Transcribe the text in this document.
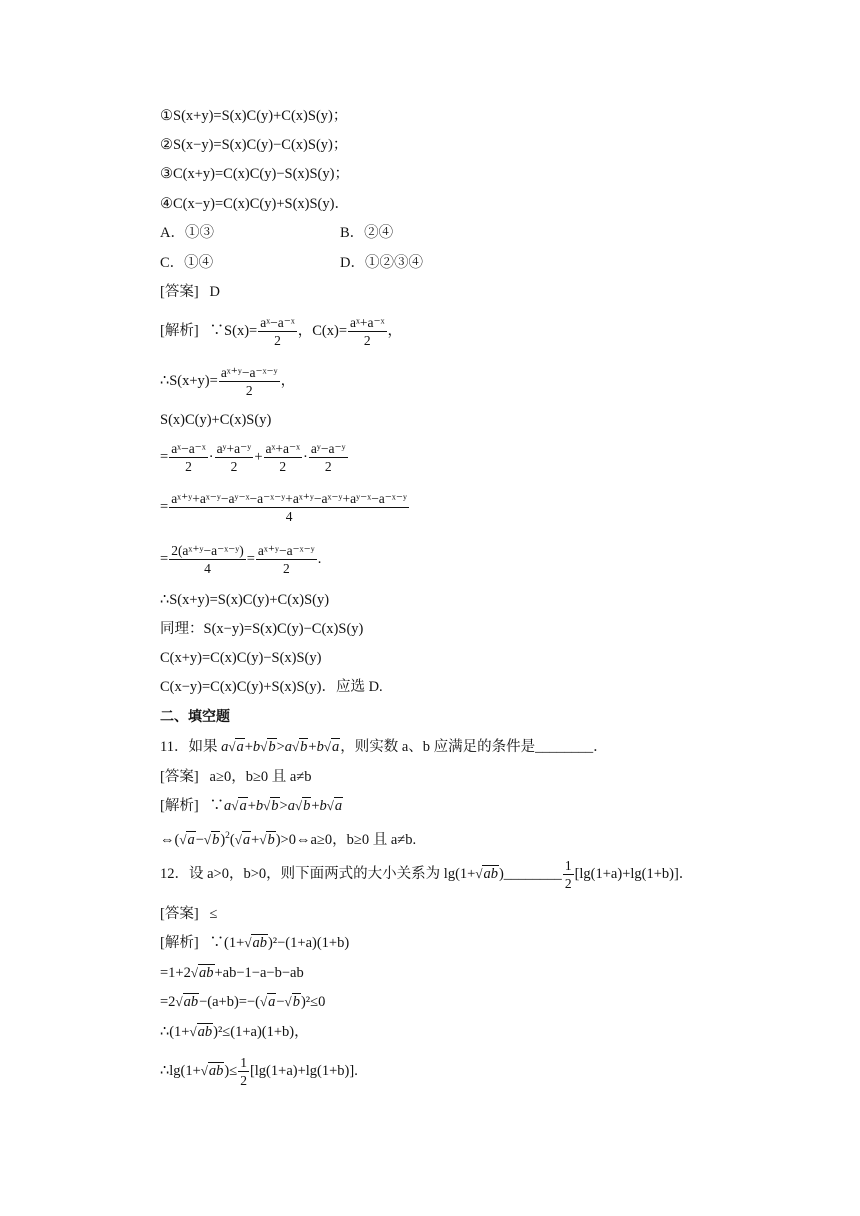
①S(x+y)=S(x)C(y)+C(x)S(y)；
②S(x−y)=S(x)C(y)−C(x)S(y)；
③C(x+y)=C(x)C(y)−S(x)S(y)；
④C(x−y)=C(x)C(y)+S(x)S(y)．
A．①③	B．②④
C．①④	D．①②③④
[答案] D
[解析] ∵S(x)= $\frac{\text{aˣ−a⁻ˣ}}{2}$ ，$C(x)= \frac{\text{aˣ+a⁻ˣ}}{2}$ ，
∴S(x+y)= $\frac{\text{aˣ⁺ʸ−a⁻ˣ⁻ʸ}}{2}$ ，
S(x)C(y)+C(x)S(y)
= $\frac{\text{aˣ−a⁻ˣ}}{2} \cdot \frac{\text{aʸ+a⁻ʸ}}{2} + \frac{\text{aˣ+a⁻ˣ}}{2} \cdot \frac{\text{aʸ−a⁻ʸ}}{2}$
= $\frac{\text{aˣ⁺ʸ+aˣ⁻ʸ−aʸ⁻ˣ−a⁻ˣ⁻ʸ+aˣ⁺ʸ−aˣ⁻ʸ+aʸ⁻ˣ−a⁻ˣ⁻ʸ}}{4}$
= $\frac{\text{2(aˣ⁺ʸ−a⁻ˣ⁻ʸ)}}{4} = \frac{\text{aˣ⁺ʸ−a⁻ˣ⁻ʸ}}{2}$ .
∴S(x+y)=S(x)C(y)+C(x)S(y)
同理：S(x−y)=S(x)C(y)−C(x)S(y)
C(x+y)=C(x)C(y)−S(x)S(y)
C(x−y)=C(x)C(y)+S(x)S(y)．应选 D.
二、填空题
11．如果 a√a+b√b>a√b+b√a，则实数 a、b 应满足的条件是________．
[答案] a≥0，b≥0 且 a≠b
[解析]   ∵a√a+b√b>a√b+b√a
$\Leftrightarrow(√a-√b)^2(√a+√b)>0\Leftrightarrow a\ge 0$，b≥0 且 a≠b.
12．设 a>0，b>0，则下面两式的大小关系为 lg(1+√ab)________ $\frac{1}{2} [\lg(1+a)+\lg(1+b)]$．
[答案] ≤
[解析] ∵(1+√ab)²−(1+a)(1+b)
=1+2√ab+ab−1−a−b−ab
=2√ab−(a+b)=−(√a−√b)²≤0
∴(1+√ab)²≤(1+a)(1+b)，
∴lg(1+√ab)≤ $\frac{1}{2} [\lg(1+a)+\lg(1+b)]$.
